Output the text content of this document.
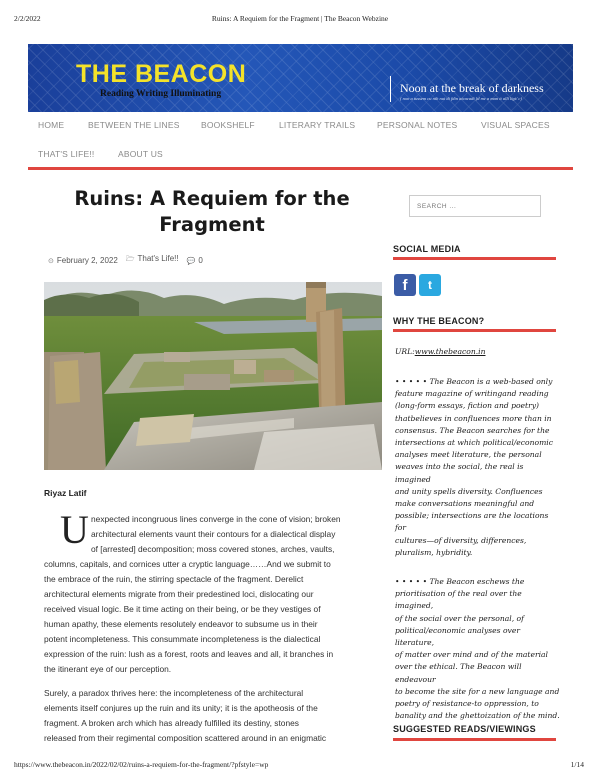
2/2/2022	Ruins: A Requiem for the Fragment | The Beacon Webzine
THE BEACON
Reading Writing Illuminating	Noon at the break of darkness
( non a tussem cu nih nui di fdin aicacadi )d mc a man it alli ligi/ c)
HOME	BETWEEN THE LINES	BOOKSHELF	LITERARY TRAILS	PERSONAL NOTES	VISUAL SPACES
THAT'S LIFE!!	ABOUT US
Ruins: A Requiem for the
Fragment
⊙ February 2, 2022 🗁 That's Life!! 💬 0
Riyaz Latif
U nexpected incongruous lines converge in the cone of vision; broken
architectural elements vaunt their contours for a dialectical display
of [arrested] decomposition; moss covered stones, arches, vaults,
columns, capitals, and cornices utter a cryptic language……And we submit to
the embrace of the ruin, the stirring spectacle of the fragment. Derelict
architectural elements migrate from their predestined loci, dislocating our
received visual logic. Be it time acting on their being, or be they vestiges of
human apathy, these elements resolutely endeavor to subsume us in their
potent incompleteness. This consummate incompleteness is the dialectical
expression of the ruin: lush as a forest, roots and leaves and all, it branches in
the itinerant eye of our perception.
Surely, a paradox thrives here: the incompleteness of the architectural
elements itself conjures up the ruin and its unity; it is the apotheosis of the
fragment. A broken arch which has already fulfilled its destiny, stones
released from their regimental composition scattered around in an enigmatic
SEARCH ...
SOCIAL MEDIA
f	t
WHY THE BEACON?
URL:www.thebeacon.in
• • • • • The Beacon is a web-based only
feature magazine of writingand reading
(long-form essays, fiction and poetry)
thatbelieves in confluences more than in
consensus. The Beacon searches for the
intersections at which political/economic
analyses meet literature, the personal
weaves into the social, the real is imagined
and unity spells diversity. Confluences
make conversations meaningful and
possible; intersections are the locations for
cultures—of diversity, differences,
pluralism, hybridity.
• • • • • The Beacon eschews the
prioritisation of the real over the imagined,
of the social over the personal, of
political/economic analyses over literature,
of matter over mind and of the material
over the ethical. The Beacon will endeavour
to become the site for a new language and
poetry of resistance-to oppression, to
banality and the ghettoization of the mind.
SUGGESTED READS/VIEWINGS
https://www.thebeacon.in/2022/02/02/ruins-a-requiem-for-the-fragment/?pfstyle=wp	1/14
